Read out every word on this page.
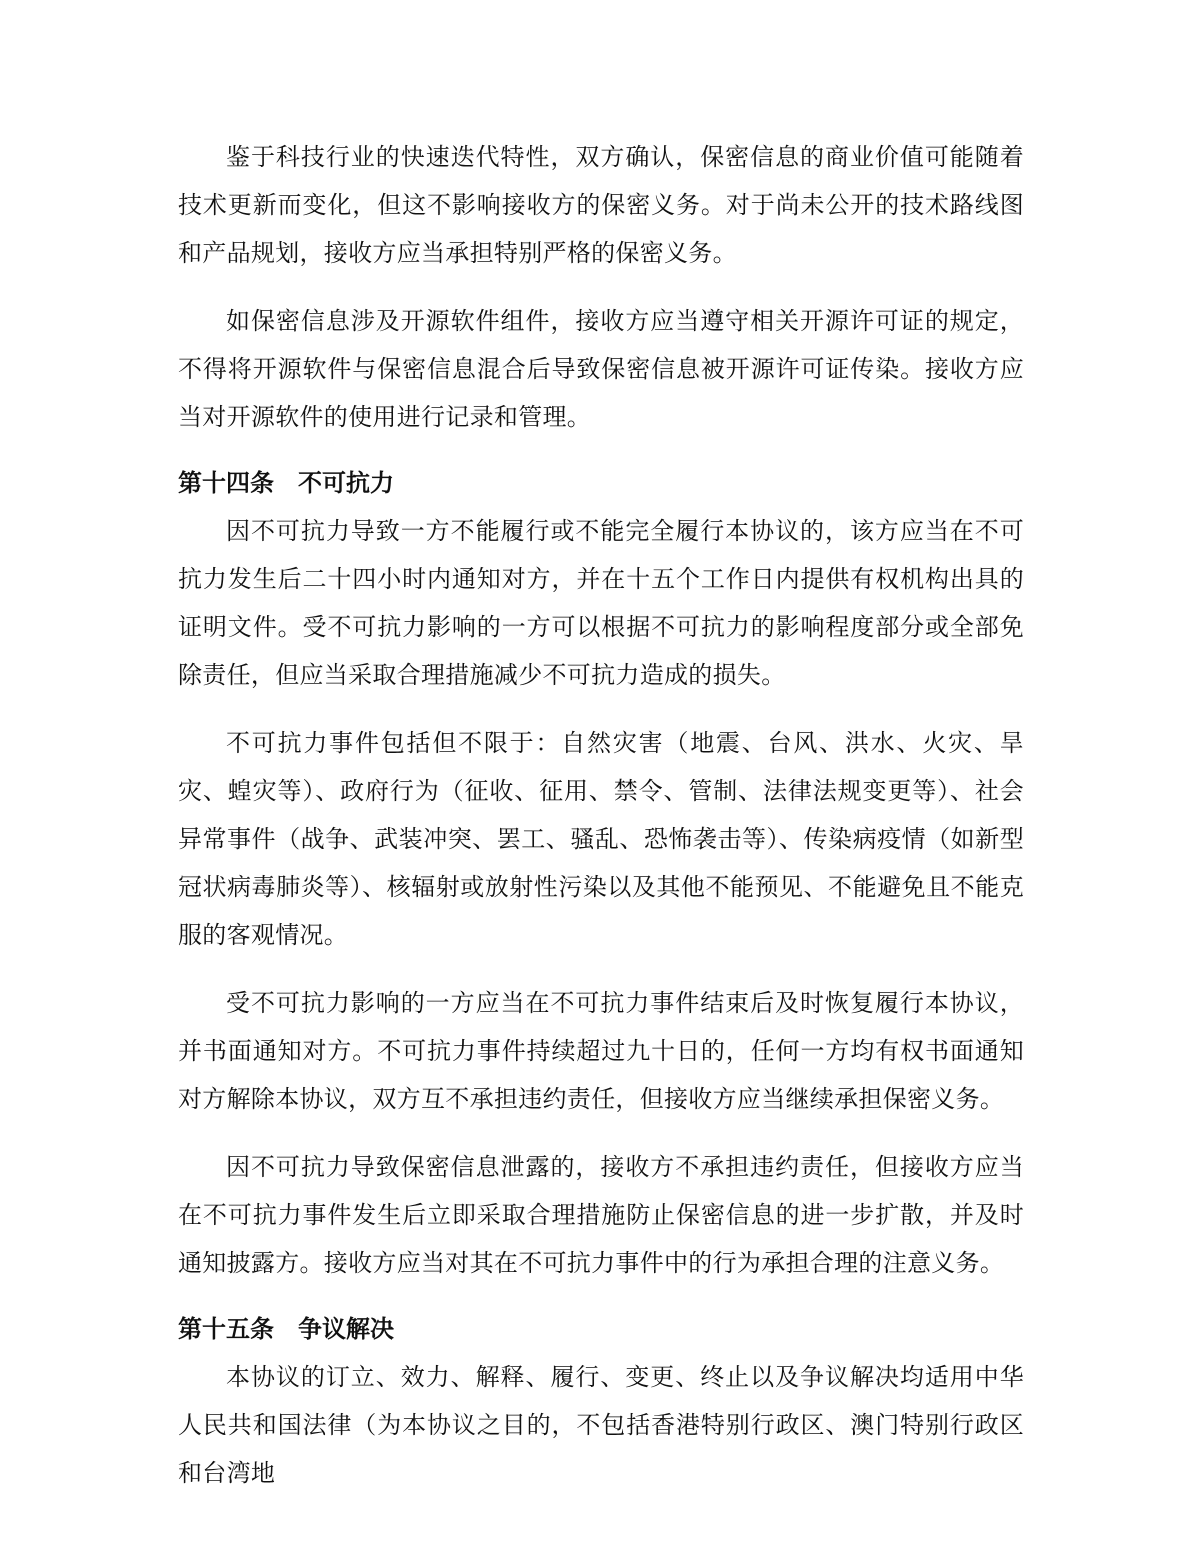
鉴于科技行业的快速迭代特性，双方确认，保密信息的商业价值可能随着技术更新而变化，但这不影响接收方的保密义务。对于尚未公开的技术路线图和产品规划，接收方应当承担特别严格的保密义务。

如保密信息涉及开源软件组件，接收方应当遵守相关开源许可证的规定，不得将开源软件与保密信息混合后导致保密信息被开源许可证传染。接收方应当对开源软件的使用进行记录和管理。

第十四条　不可抗力

因不可抗力导致一方不能履行或不能完全履行本协议的，该方应当在不可抗力发生后二十四小时内通知对方，并在十五个工作日内提供有权机构出具的证明文件。受不可抗力影响的一方可以根据不可抗力的影响程度部分或全部免除责任，但应当采取合理措施减少不可抗力造成的损失。

不可抗力事件包括但不限于：自然灾害（地震、台风、洪水、火灾、旱灾、蝗灾等）、政府行为（征收、征用、禁令、管制、法律法规变更等）、社会异常事件（战争、武装冲突、罢工、骚乱、恐怖袭击等）、传染病疫情（如新型冠状病毒肺炎等）、核辐射或放射性污染以及其他不能预见、不能避免且不能克服的客观情况。

受不可抗力影响的一方应当在不可抗力事件结束后及时恢复履行本协议，并书面通知对方。不可抗力事件持续超过九十日的，任何一方均有权书面通知对方解除本协议，双方互不承担违约责任，但接收方应当继续承担保密义务。

因不可抗力导致保密信息泄露的，接收方不承担违约责任，但接收方应当在不可抗力事件发生后立即采取合理措施防止保密信息的进一步扩散，并及时通知披露方。接收方应当对其在不可抗力事件中的行为承担合理的注意义务。

第十五条　争议解决

本协议的订立、效力、解释、履行、变更、终止以及争议解决均适用中华人民共和国法律（为本协议之目的，不包括香港特别行政区、澳门特别行政区和台湾地
